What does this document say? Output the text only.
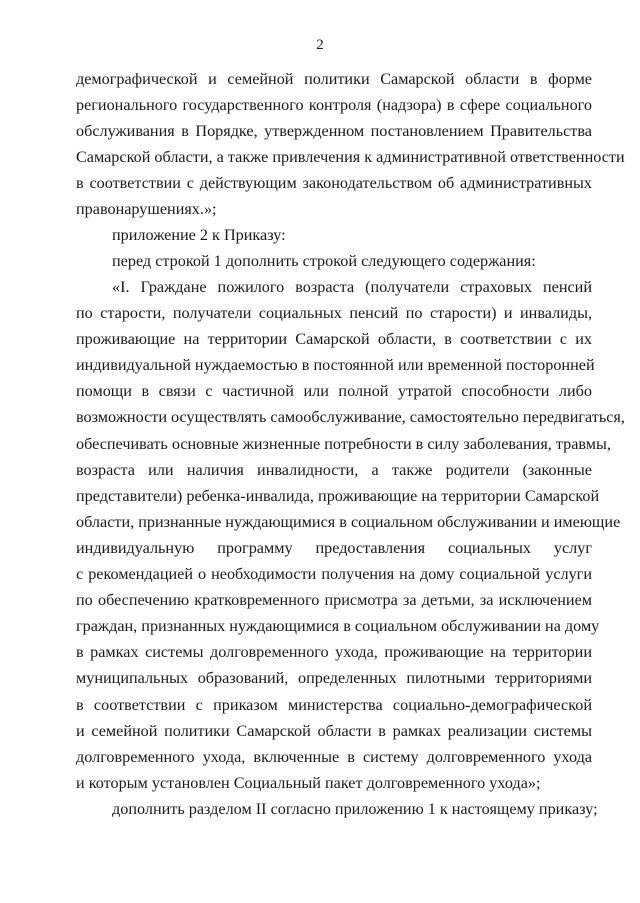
2
демографической и семейной политики Самарской области в форме
регионального государственного контроля (надзора) в сфере социального
обслуживания в Порядке, утвержденном постановлением Правительства
Самарской области, а также привлечения к административной ответственности
в соответствии с действующим законодательством об административных
правонарушениях.»;
приложение 2 к Приказу:
перед строкой 1 дополнить строкой следующего содержания:
«I. Граждане пожилого возраста (получатели страховых пенсий
по старости, получатели социальных пенсий по старости) и инвалиды,
проживающие на территории Самарской области, в соответствии с их
индивидуальной нуждаемостью в постоянной или временной посторонней
помощи в связи с частичной или полной утратой способности либо
возможности осуществлять самообслуживание, самостоятельно передвигаться,
обеспечивать основные жизненные потребности в силу заболевания, травмы,
возраста или наличия инвалидности, а также родители (законные
представители) ребенка-инвалида, проживающие на территории Самарской
области, признанные нуждающимися в социальном обслуживании и имеющие
индивидуальную программу предоставления социальных услуг
с рекомендацией о необходимости получения на дому социальной услуги
по обеспечению кратковременного присмотра за детьми, за исключением
граждан, признанных нуждающимися в социальном обслуживании на дому
в рамках системы долговременного ухода, проживающие на территории
муниципальных образований, определенных пилотными территориями
в соответствии с приказом министерства социально-демографической
и семейной политики Самарской области в рамках реализации системы
долговременного ухода, включенные в систему долговременного ухода
и которым установлен Социальный пакет долговременного ухода»;
дополнить разделом II согласно приложению 1 к настоящему приказу;
